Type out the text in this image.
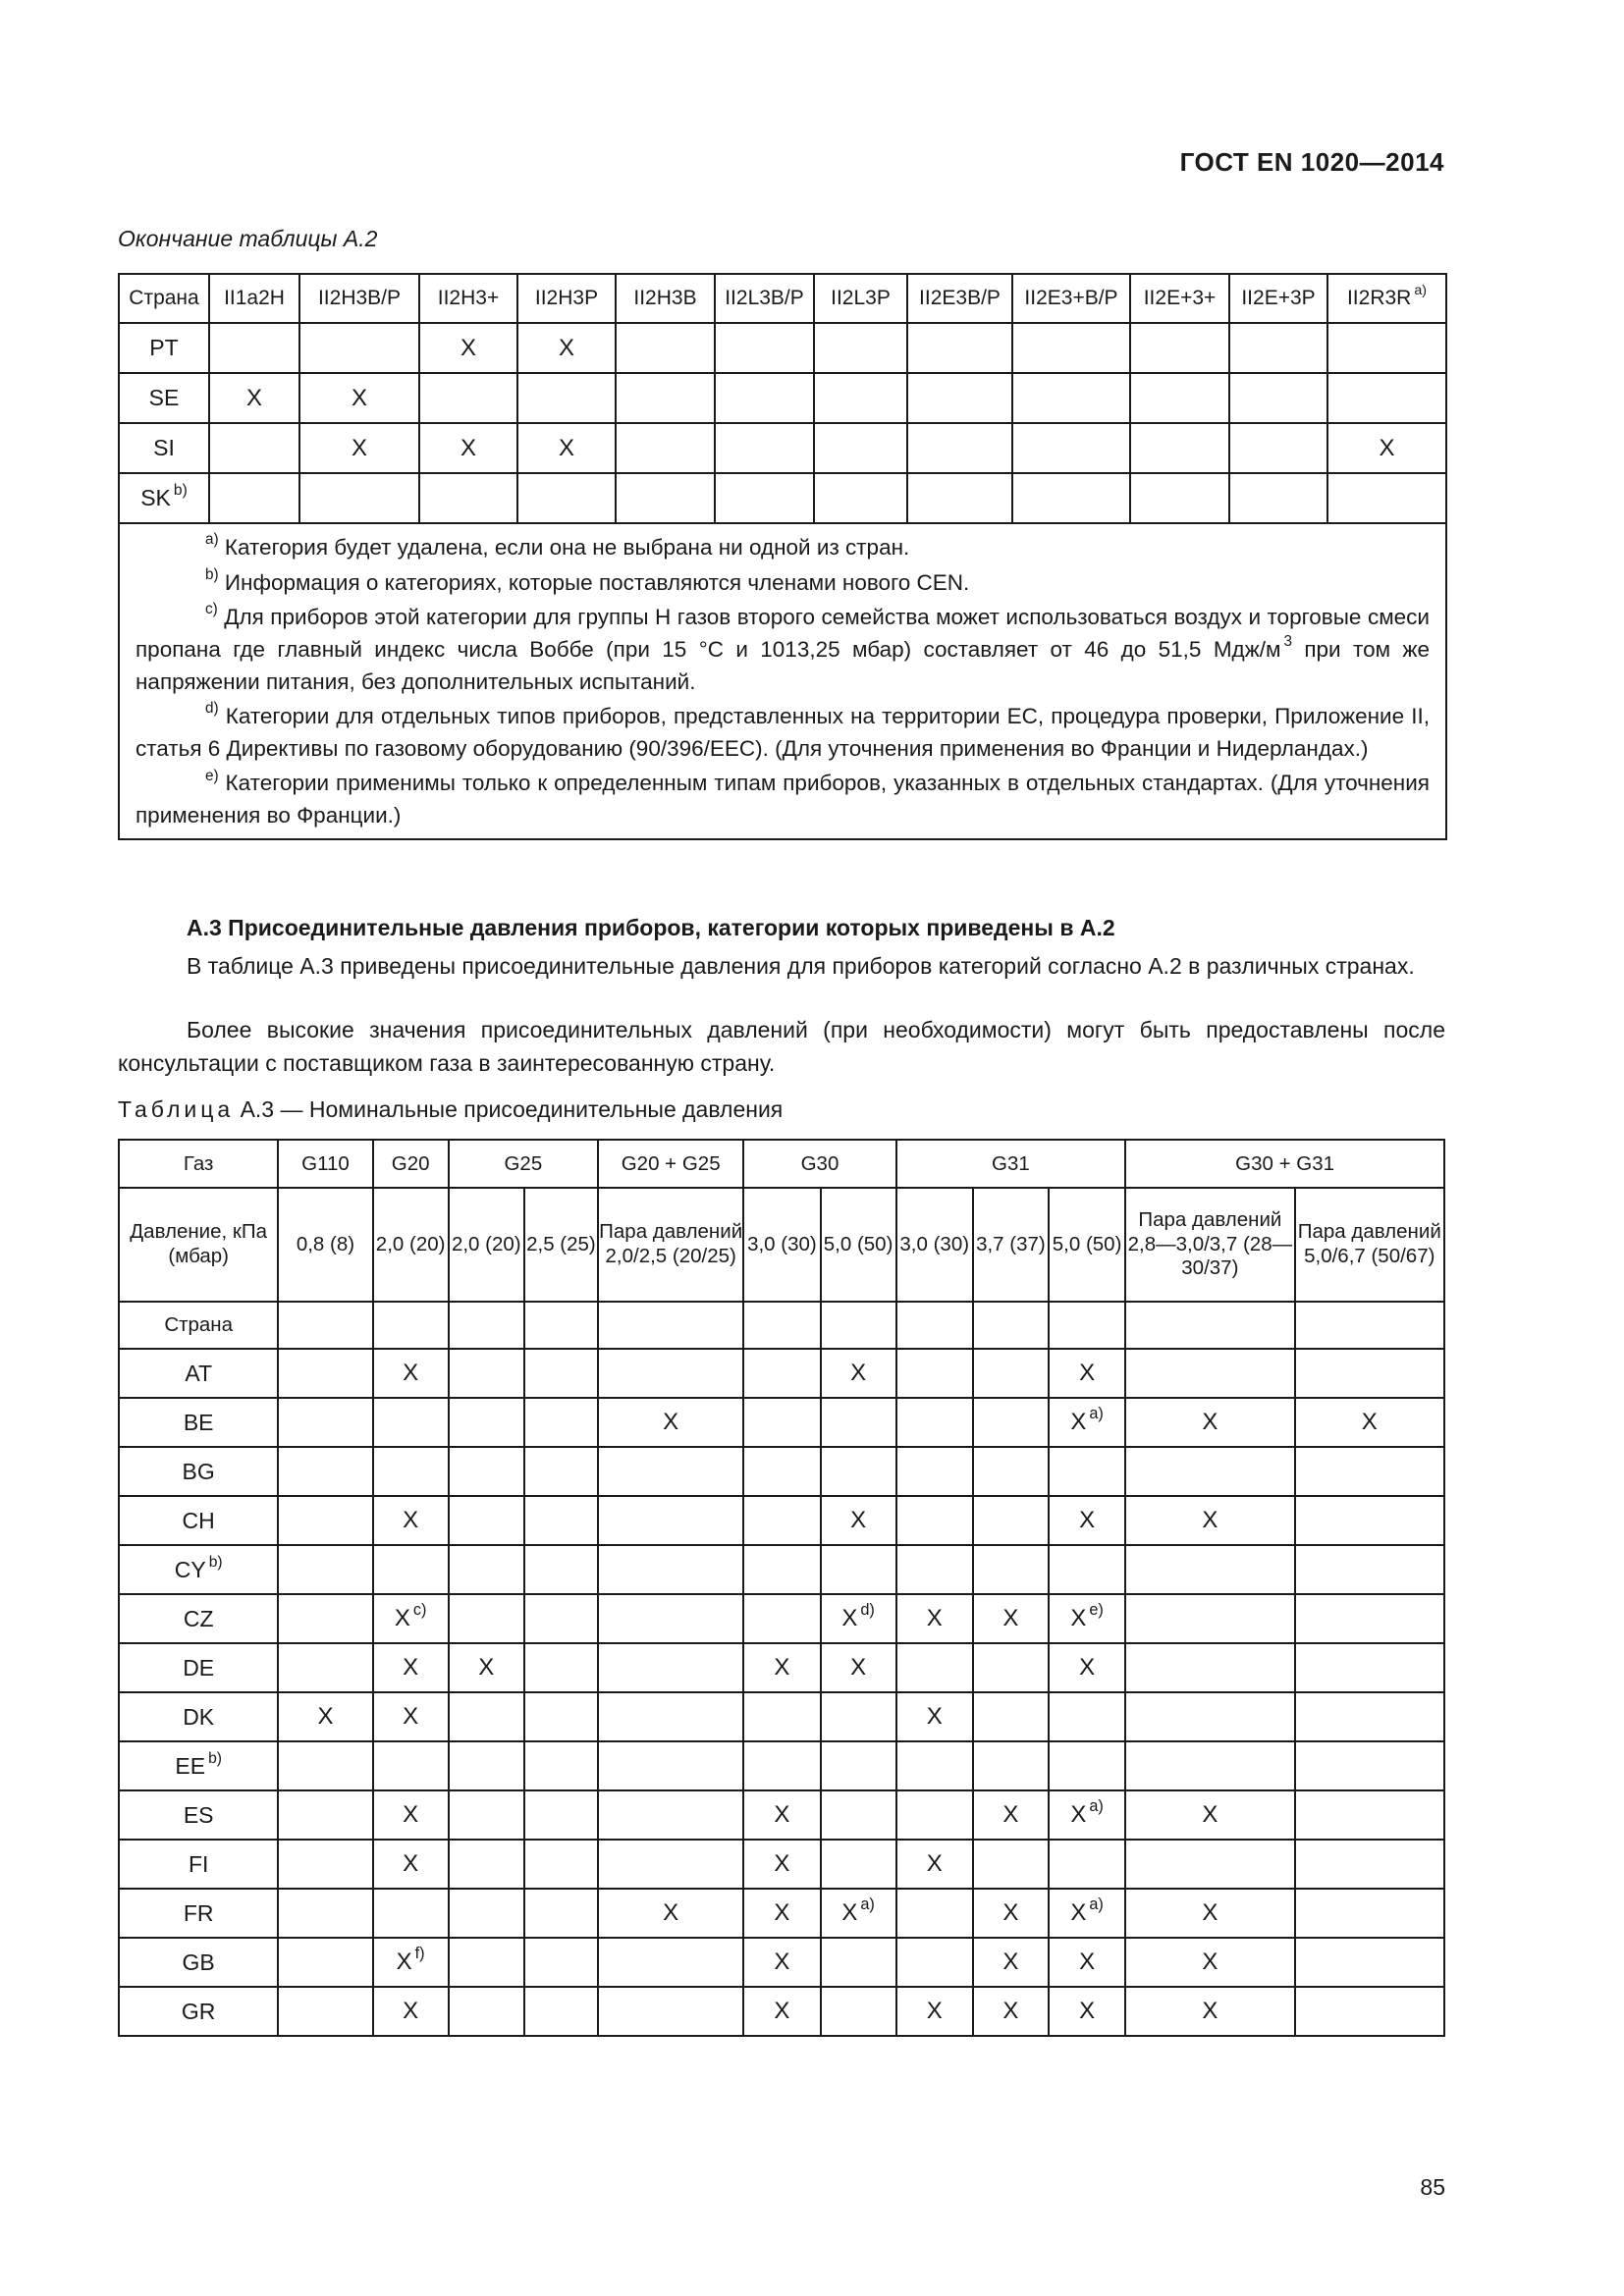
ГОСТ EN 1020—2014
Окончание таблицы А.2
Страна	II1a2H	II2H3B/P	II2H3+	II2H3P	II2H3B	II2L3B/P	II2L3P	II2E3B/P	II2E3+B/P	II2E+3+	II2E+3P	II2R3R $^{a)}$
PT			X	X								
SE	X	X										
SI		X	X	X								X
SK $^{b)}$												

$^{a)}$ Категория будет удалена, если она не выбрана ни одной из стран.

$^{b)}$ Информация о категориях, которые поставляются членами нового CEN.

$^{c)}$ Для приборов этой категории для группы Н газов второго семейства может использоваться воздух и торговые смеси пропана где главный индекс числа Воббе (при 15 °С и 1013,25 мбар) составляет от 46 до 51,5 Мдж/м $^3$ при том же напряжении питания, без дополнительных испытаний.

$^{d)}$ Категории для отдельных типов приборов, представленных на территории ЕС, процедура проверки, Приложение II, статья 6 Директивы по газовому оборудованию (90/396/ЕЕС). (Для уточнения применения во Франции и Нидерландах.)

$^{e)}$ Категории применимы только к определенным типам приборов, указанных в отдельных стандартах. (Для уточнения применения во Франции.)												

А.3 Присоединительные давления приборов, категории которых приведены в А.2

В таблице А.3 приведены присоединительные давления для приборов категорий согласно А.2 в различных странах.

Более высокие значения присоединительных давлений (при необходимости) могут быть предоставлены после консультации с поставщиком газа в заинтересованную страну.

Таблица А.3 — Номинальные присоединительные давления
Газ	G110	G20	G25		G20 + G25	G30		G31			G30 + G31	
Давление, кПа (мбар)	0,8 (8)	2,0 (20)	2,0 (20)	2,5 (25)	Пара давлений 2,0/2,5 (20/25)	3,0 (30)	5,0 (50)	3,0 (30)	3,7 (37)	5,0 (50)	Пара давлений 2,8—3,0/3,7 (28—30/37)	Пара давлений 5,0/6,7 (50/67)
Страна												
AT		X					X			X		
BE					X					X $^{a)}$	X	X
BG												
CH		X					X			X	X	
CY $^{b)}$												
CZ		X $^{c)}$					X $^{d)}$	X	X	X $^{e)}$		
DE		X	X			X	X			X		
DK	X	X						X				
EE $^{b)}$												
ES		X				X			X	X $^{a)}$	X	
FI		X				X		X				
FR					X	X	X $^{a)}$		X	X $^{a)}$	X	
GB		X $^{f)}$				X			X	X	X	
GR		X				X		X	X	X	X	
85
